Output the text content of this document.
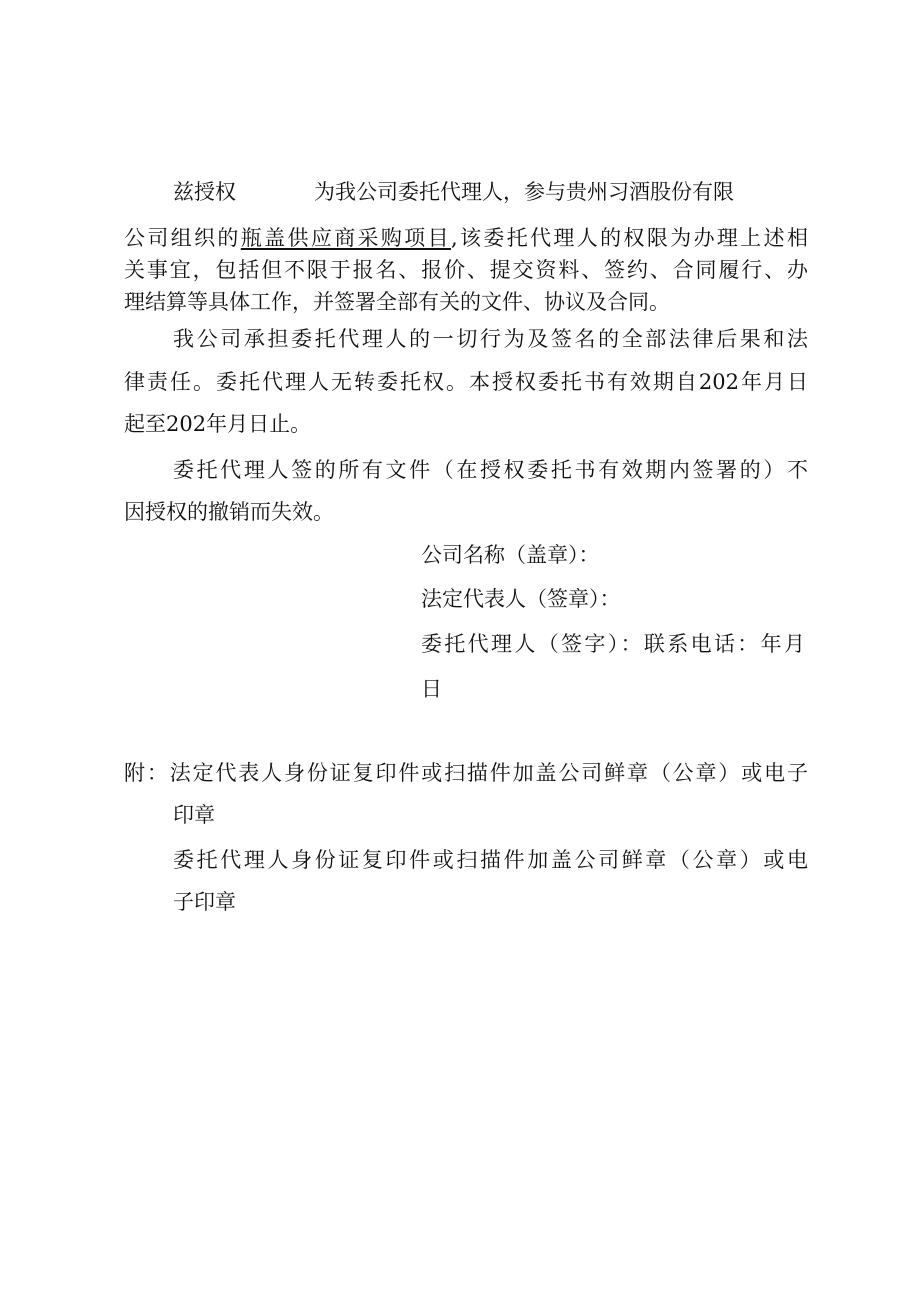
兹授权	为我公司委托代理人，参与贵州习酒股份有限
公司组织的瓶盖供应商采购项目,该委托代理人的权限为办理上述相
关事宜，包括但不限于报名、报价、提交资料、签约、合同履行、办
理结算等具体工作，并签署全部有关的文件、协议及合同。
我公司承担委托代理人的一切行为及签名的全部法律后果和法
律责任。委托代理人无转委托权。本授权委托书有效期自202年月日
起至202年月日止。
委托代理人签的所有文件（在授权委托书有效期内签署的）不
因授权的撤销而失效。
公司名称（盖章）：
法定代表人（签章）：
委托代理人（签字）：联系电话：年月
日
附：法定代表人身份证复印件或扫描件加盖公司鲜章（公章）或电子
印章
委托代理人身份证复印件或扫描件加盖公司鲜章（公章）或电
子印章
